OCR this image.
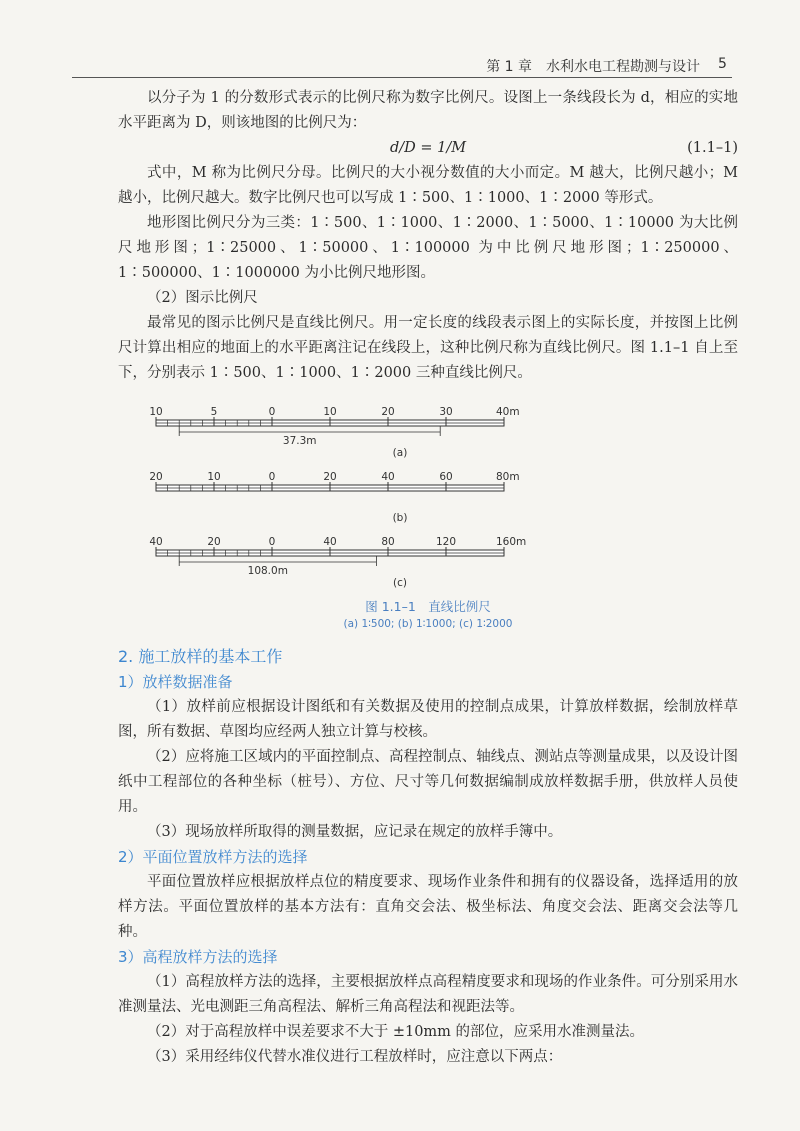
第 1 章　水利水电工程勘测与设计 5

以分子为 1 的分数形式表示的比例尺称为数字比例尺。设图上一条线段长为 d，相应的实地水平距离为 D，则该地图的比例尺为：

d/D = 1/M	(1.1–1)

式中，M 称为比例尺分母。比例尺的大小视分数值的大小而定。M 越大，比例尺越小；M 越小，比例尺越大。数字比例尺也可以写成 1∶500、1∶1000、1∶2000 等形式。

地形图比例尺分为三类：1∶500、1∶1000、1∶2000、1∶5000、1∶10000 为大比例尺地形图；1∶25000、1∶50000、1∶100000 为中比例尺地形图；1∶250000、1∶500000、1∶1000000 为小比例尺地形图。

（2）图示比例尺

最常见的图示比例尺是直线比例尺。用一定长度的线段表示图上的实际长度，并按图上比例尺计算出相应的地面上的水平距离注记在线段上，这种比例尺称为直线比例尺。图 1.1–1 自上至下，分别表示 1∶500、1∶1000、1∶2000 三种直线比例尺。

10	5	0	10	20	30	40m
37.3m
(a)
20	10	0	20	40	60	80m
(b)
40	20	0	40	80	120	160m
108.0m
(c)
图 1.1–1　直线比例尺
(a) 1∶500; (b) 1∶1000; (c) 1∶2000
2. 施工放样的基本工作
1）放样数据准备

（1）放样前应根据设计图纸和有关数据及使用的控制点成果，计算放样数据，绘制放样草图，所有数据、草图均应经两人独立计算与校核。

（2）应将施工区域内的平面控制点、高程控制点、轴线点、测站点等测量成果，以及设计图纸中工程部位的各种坐标（桩号）、方位、尺寸等几何数据编制成放样数据手册，供放样人员使用。

（3）现场放样所取得的测量数据，应记录在规定的放样手簿中。

2）平面位置放样方法的选择

平面位置放样应根据放样点位的精度要求、现场作业条件和拥有的仪器设备，选择适用的放样方法。平面位置放样的基本方法有：直角交会法、极坐标法、角度交会法、距离交会法等几种。

3）高程放样方法的选择

（1）高程放样方法的选择，主要根据放样点高程精度要求和现场的作业条件。可分别采用水准测量法、光电测距三角高程法、解析三角高程法和视距法等。

（2）对于高程放样中误差要求不大于 ±10mm 的部位，应采用水准测量法。

（3）采用经纬仪代替水准仪进行工程放样时，应注意以下两点：
